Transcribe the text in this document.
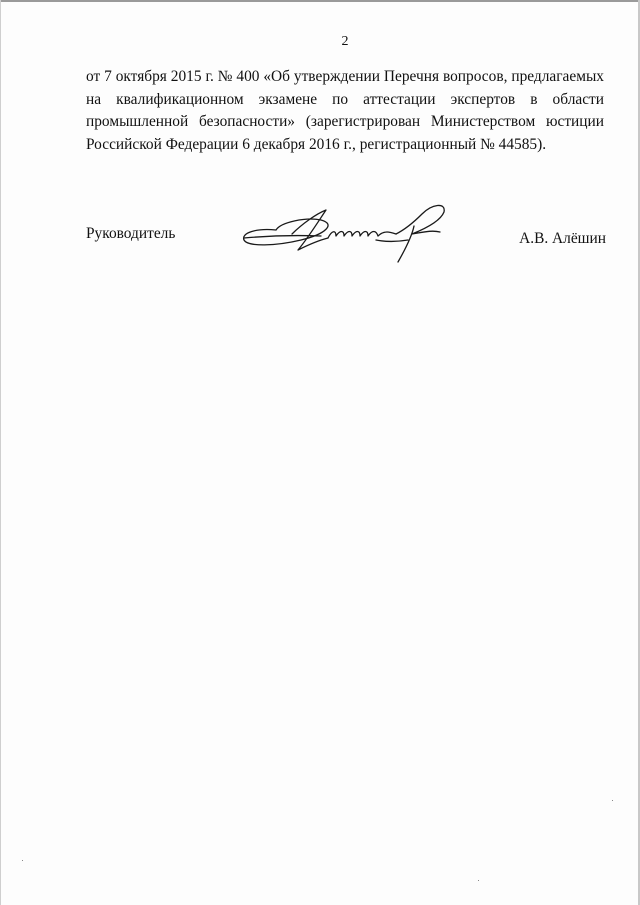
2
от 7 октября 2015 г. № 400 «Об утверждении Перечня вопросов, предлагаемых
на квалификационном экзамене по аттестации экспертов в области
промышленной безопасности» (зарегистрирован Министерством юстиции
Российской Федерации 6 декабря 2016 г., регистрационный № 44585).
Руководитель	А.В. Алёшин
